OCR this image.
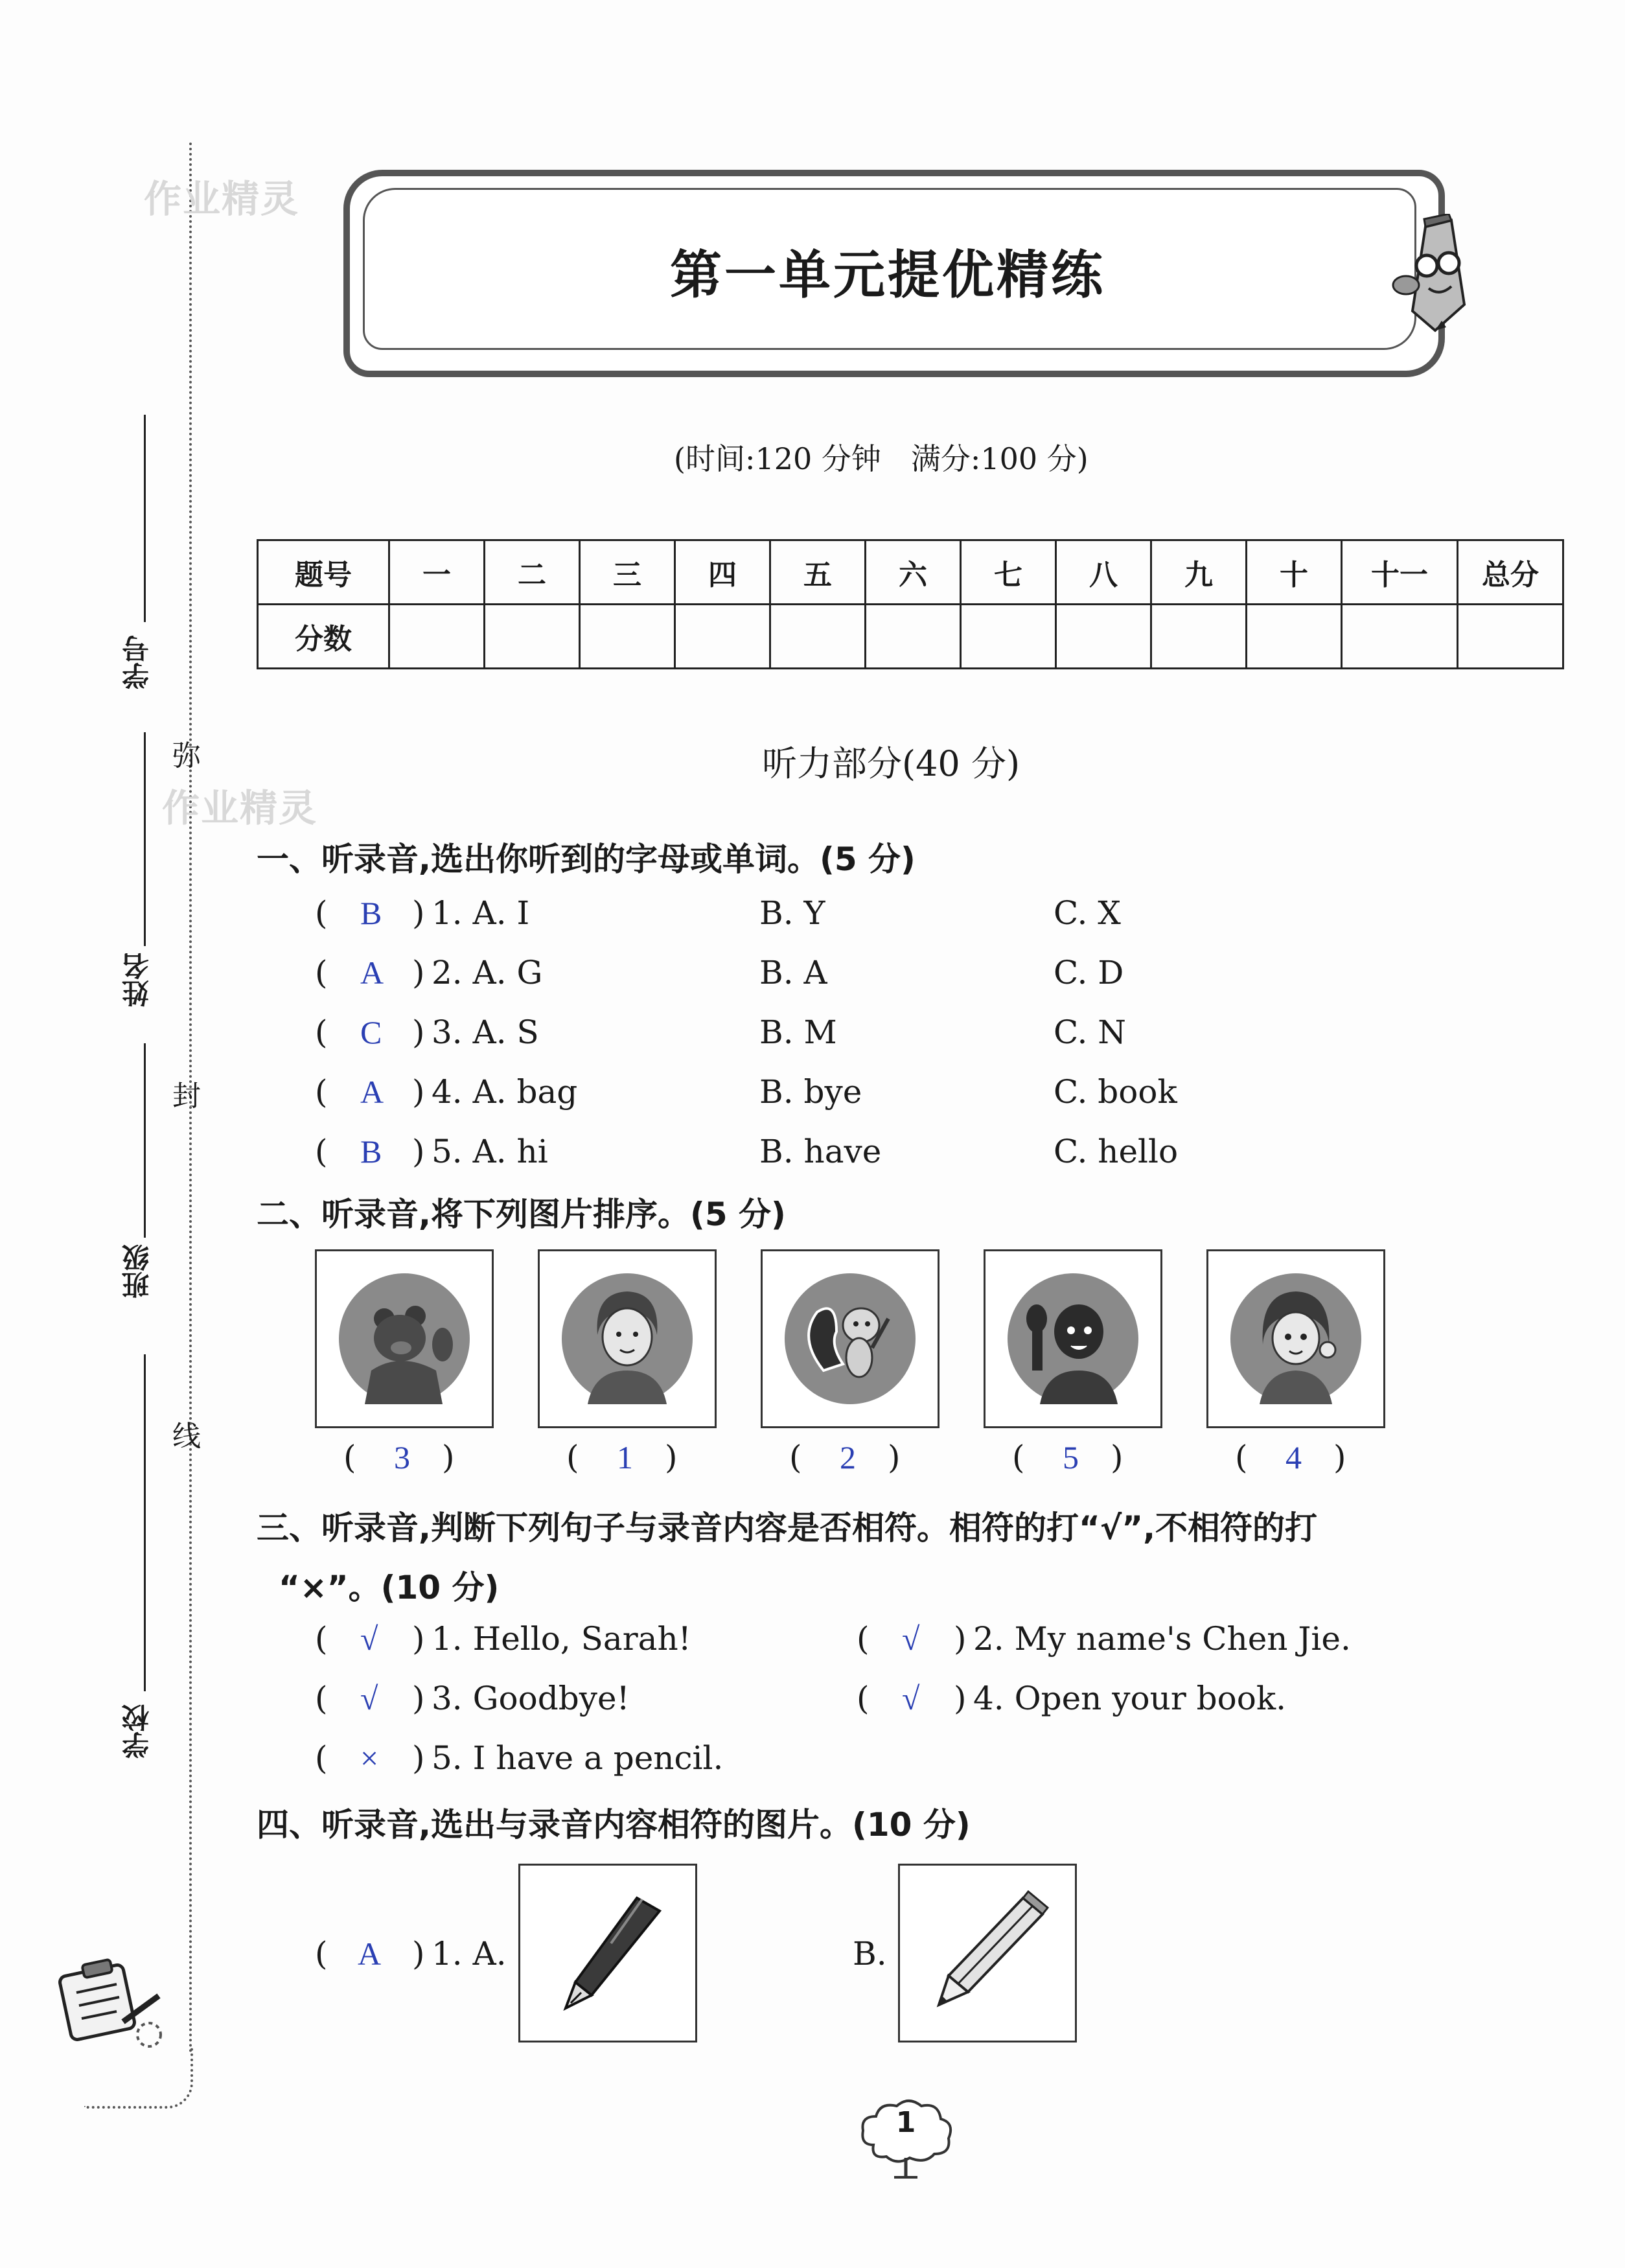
作业精灵
作业精灵
学号
姓名
班级
学校
弥
封
线
第一单元提优精练
(时间:120 分钟　满分:100 分)
题号	一	二	三	四	五	六	七	八	九	十	十一	总分
分数												
听力部分(40 分)
一、听录音,选出你听到的字母或单词。(5 分)
( B ) 1. A. I	B. Y	C. X
( A ) 2. A. G	B. A	C. D
( C ) 3. A. S	B. M	C. N
( A ) 4. A. bag	B. bye	C. book
( B ) 5. A. hi	B. have	C. hello
二、听录音,将下列图片排序。(5 分)
( 3 )	( 1 )	( 2 )	( 5 )	( 4 )
三、听录音,判断下列句子与录音内容是否相符。相符的打“√”,不相符的打
“×”。(10 分)
( √ ) 1. Hello, Sarah!	( √ ) 2. My name's Chen Jie.
( √ ) 3. Goodbye!	( √ ) 4. Open your book.
( × ) 5. I have a pencil.
四、听录音,选出与录音内容相符的图片。(10 分)
( A ) 1. A.	B.
1
